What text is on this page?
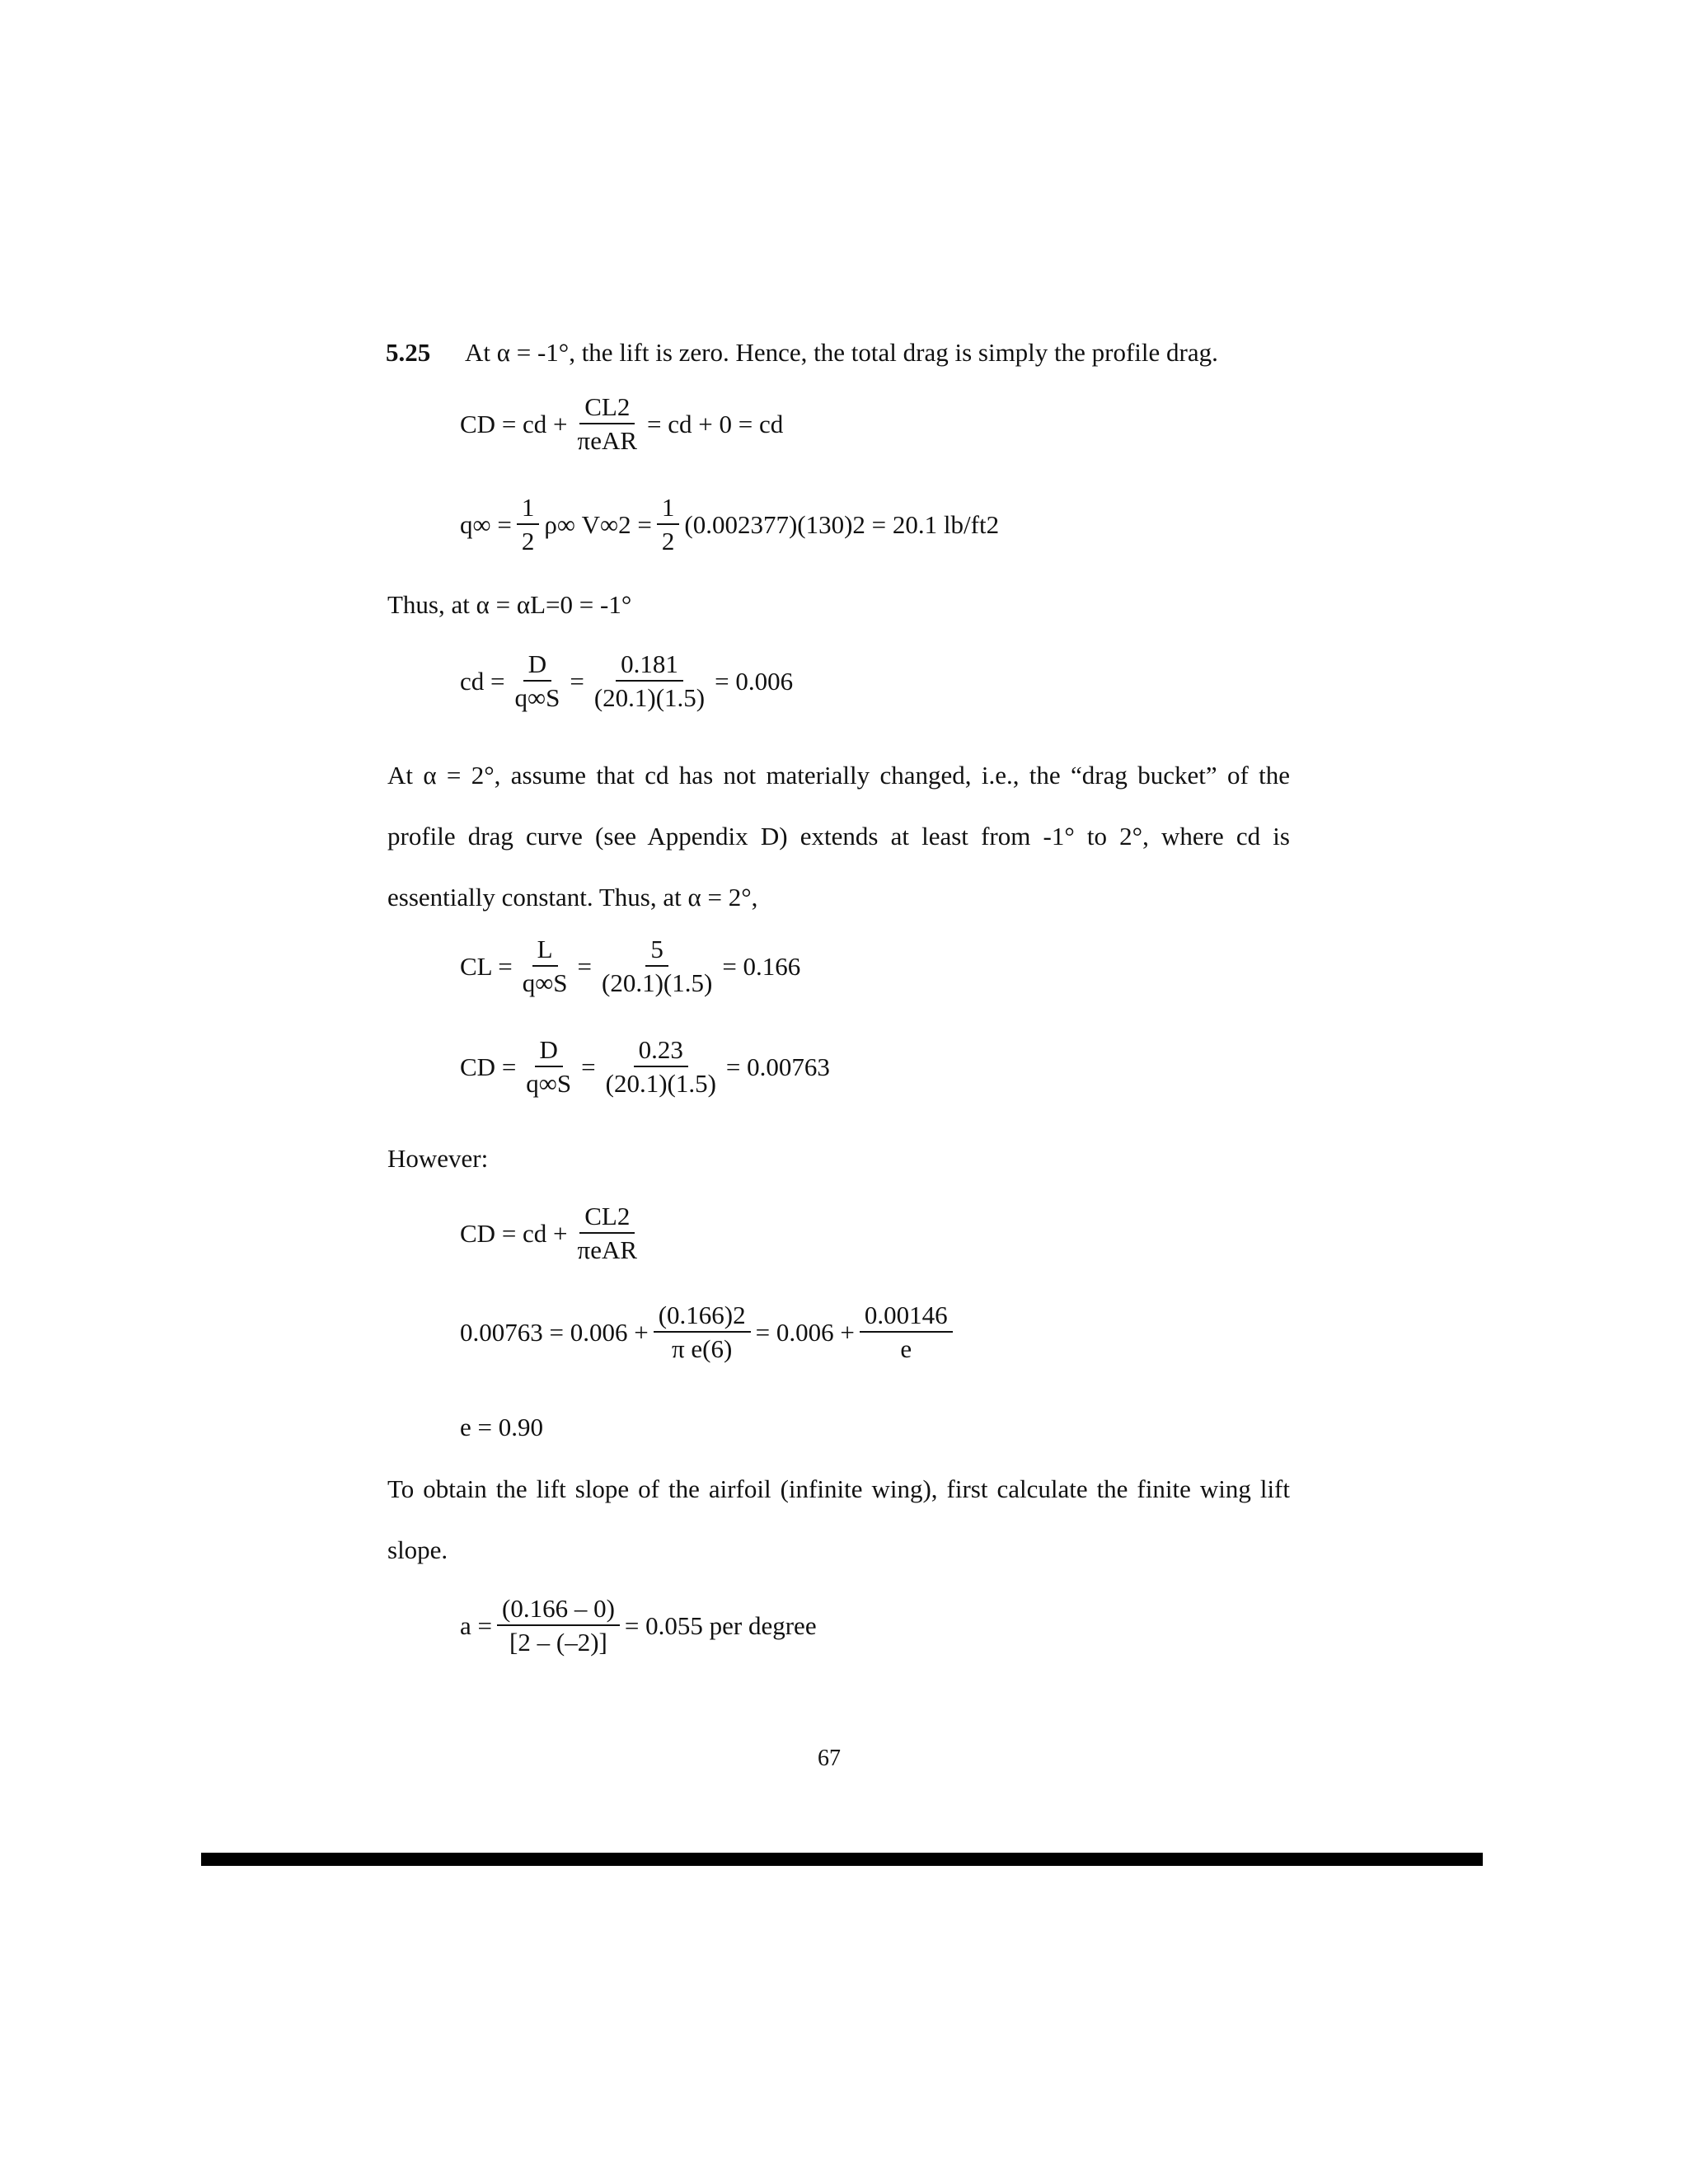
5.25 At α = -1°, the lift is zero. Hence, the total drag is simply the profile drag.
CD = cd + $\frac{CL2}{\text{πeAR}}$ = cd + 0 = cd
$q\infty = \frac{1}{2} \rho\infty$ $V\infty 2 = \frac{1}{2} (0.002377)(130)2 = 20.1$ lb/ft2
Thus, at α = αL=0 = -1°
cd = $\frac{D}{q\infty S} = \frac{0.181}{(20.1)(1.5)} = 0.006$
At α = 2°, assume that cd has not materially changed, i.e., the “drag bucket” of the profile drag curve (see Appendix D) extends at least from -1° to 2°, where cd is essentially constant. Thus, at α = 2°,
CL = $\frac{L}{q\infty S} = \frac{5}{(20.1)(1.5)} = 0.166$
CD = $\frac{D}{q\infty S} = \frac{0.23}{(20.1)(1.5)} = 0.00763$
However:
CD = cd + $\frac{CL2}{\text{πeAR}}$
$0.00763 = 0.006 + \frac{(0.166)2}{\text{π e(6)}} = 0.006 + \frac{0.00146}{e}$
e = 0.90
To obtain the lift slope of the airfoil (infinite wing), first calculate the finite wing lift slope.
$a = \frac{(0.166 - 0)}{[2 - (-2)]} = 0.055$ per degree
67
